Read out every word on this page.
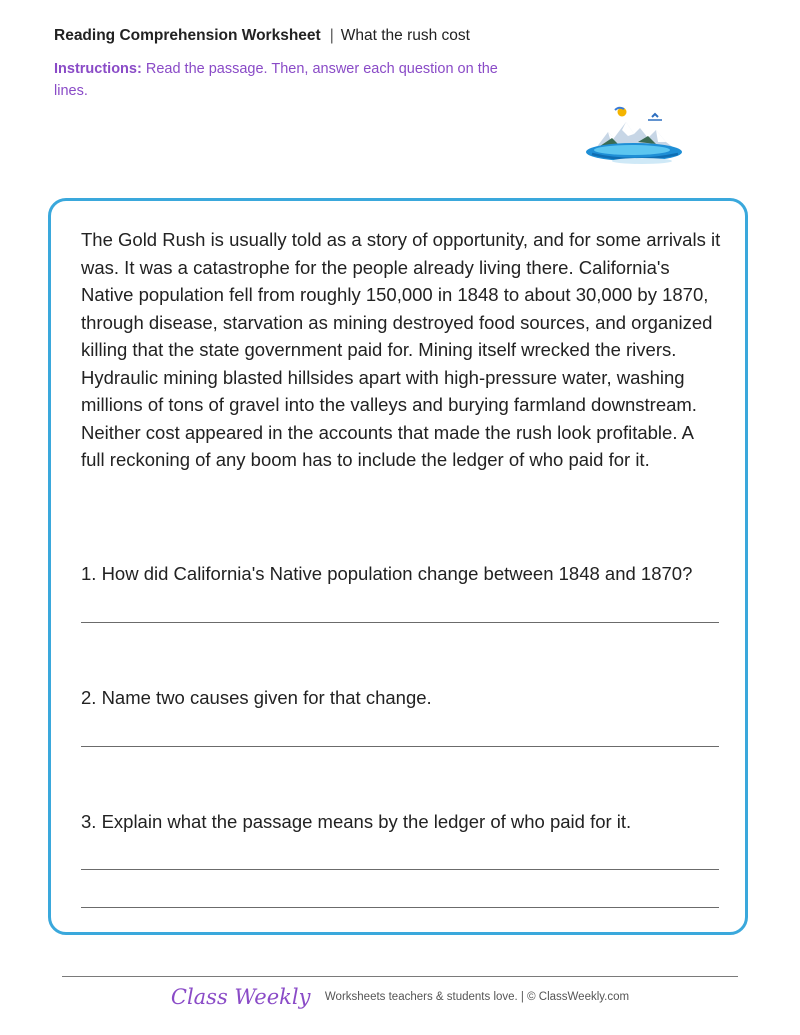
Reading Comprehension Worksheet | What the rush cost
Instructions: Read the passage. Then, answer each question on the lines.
The Gold Rush is usually told as a story of opportunity, and for some arrivals it was. It was a catastrophe for the people already living there. California's Native population fell from roughly 150,000 in 1848 to about 30,000 by 1870, through disease, starvation as mining destroyed food sources, and organized killing that the state government paid for. Mining itself wrecked the rivers. Hydraulic mining blasted hillsides apart with high-pressure water, washing millions of tons of gravel into the valleys and burying farmland downstream. Neither cost appeared in the accounts that made the rush look profitable. A full reckoning of any boom has to include the ledger of who paid for it.
1. How did California's Native population change between 1848 and 1870?
2. Name two causes given for that change.
3. Explain what the passage means by the ledger of who paid for it.
Class Weekly Worksheets teachers & students love. | © ClassWeekly.com
